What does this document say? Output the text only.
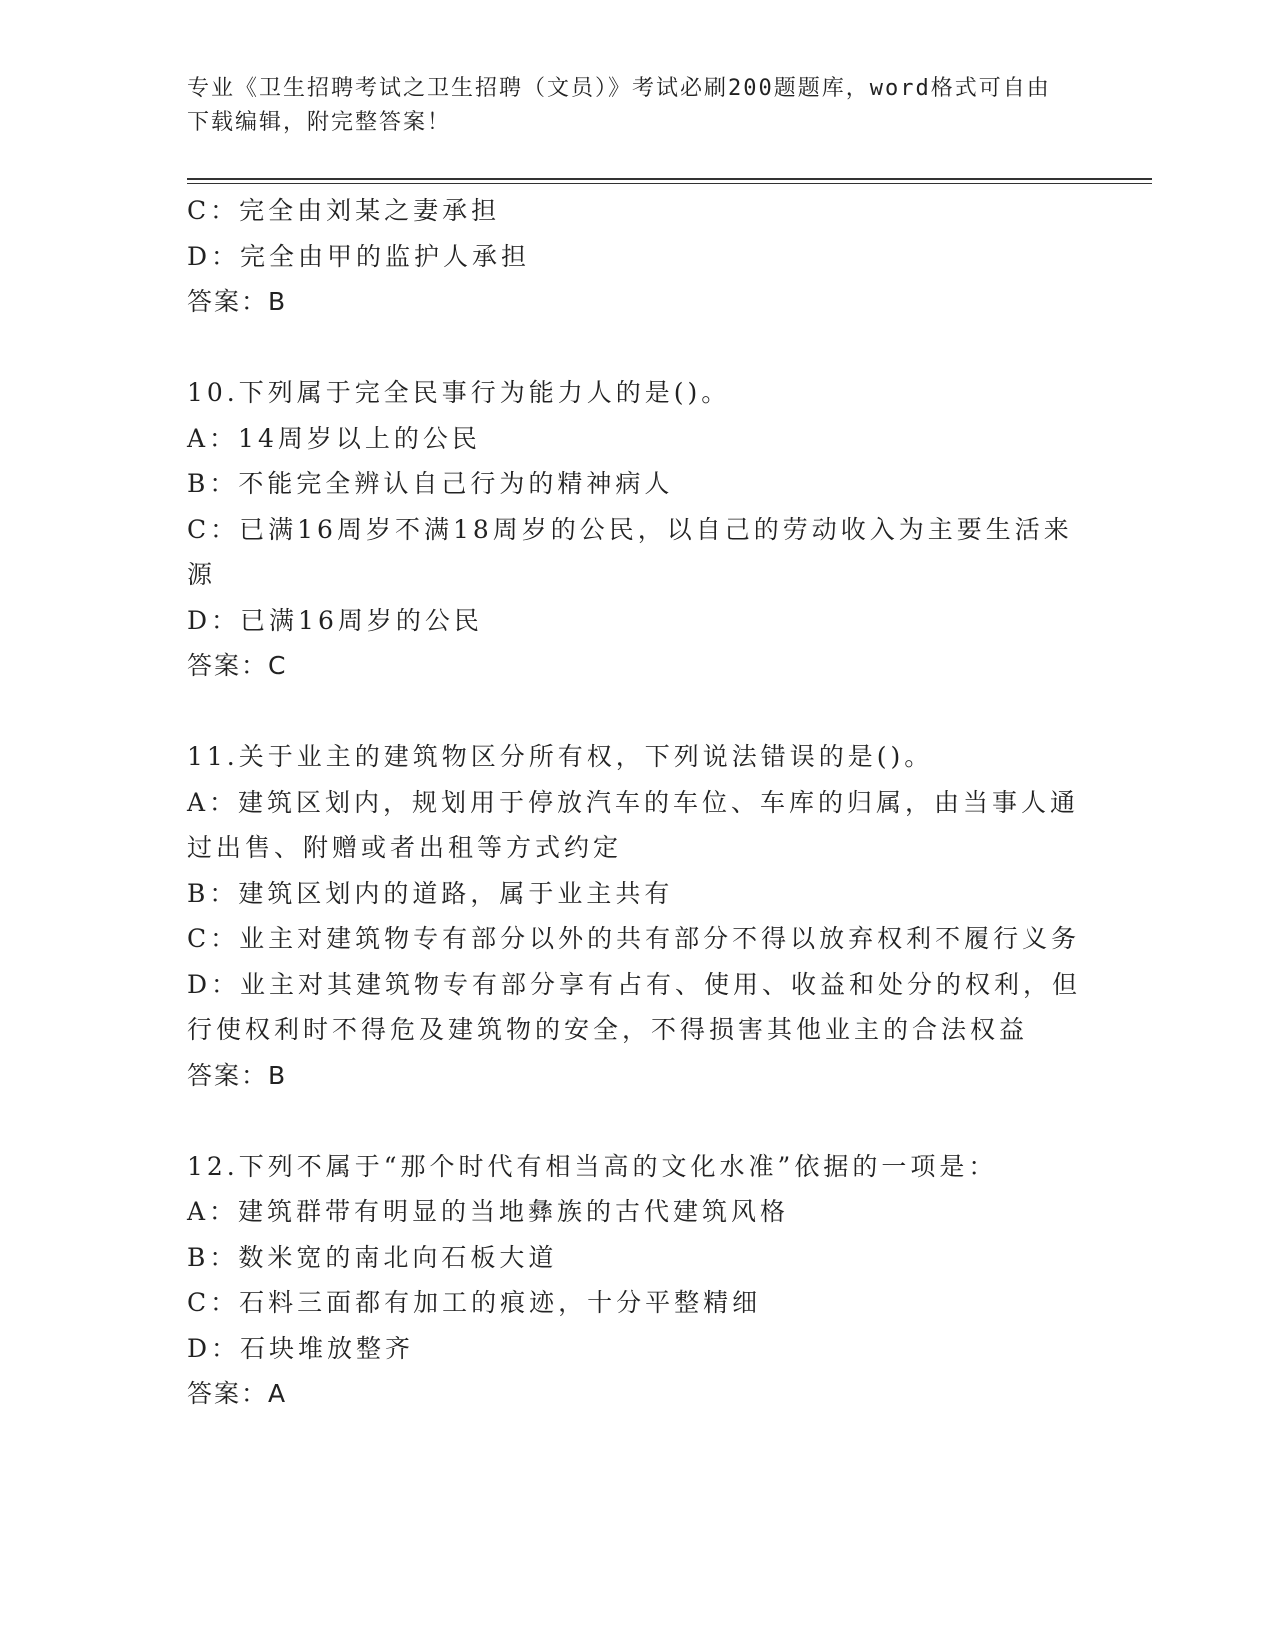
专业《卫生招聘考试之卫生招聘（文员）》考试必刷200题题库，word格式可自由下载编辑，附完整答案！

C：完全由刘某之妻承担

D：完全由甲的监护人承担

答案：B

10.下列属于完全民事行为能力人的是()。

A：14周岁以上的公民

B：不能完全辨认自己行为的精神病人

C：已满16周岁不满18周岁的公民，以自己的劳动收入为主要生活来源

D：已满16周岁的公民

答案：C

11.关于业主的建筑物区分所有权，下列说法错误的是()。

A：建筑区划内，规划用于停放汽车的车位、车库的归属，由当事人通过出售、附赠或者出租等方式约定

B：建筑区划内的道路，属于业主共有

C：业主对建筑物专有部分以外的共有部分不得以放弃权利不履行义务

D：业主对其建筑物专有部分享有占有、使用、收益和处分的权利，但行使权利时不得危及建筑物的安全，不得损害其他业主的合法权益

答案：B

12.下列不属于“那个时代有相当高的文化水准”依据的一项是：

A：建筑群带有明显的当地彝族的古代建筑风格

B：数米宽的南北向石板大道

C：石料三面都有加工的痕迹，十分平整精细

D：石块堆放整齐

答案：A
